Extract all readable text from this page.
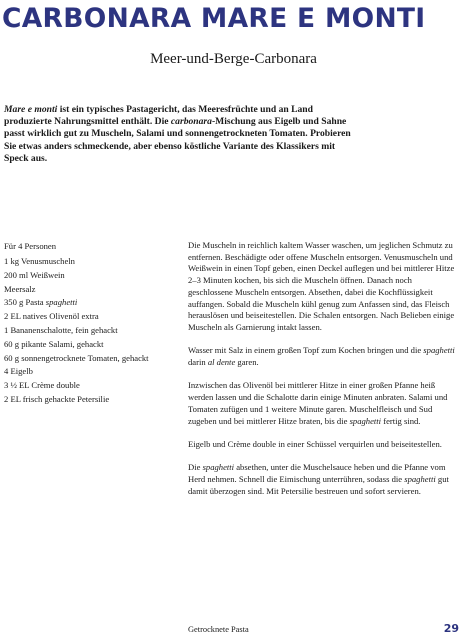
CARBONARA MARE E MONTI
Meer-und-Berge-Carbonara
Mare e monti ist ein typisches Pastagericht, das Meeresfrüchte und an Land produzierte Nahrungsmittel enthält. Die carbonara-Mischung aus Eigelb und Sahne passt wirklich gut zu Muscheln, Salami und sonnengetrockneten Tomaten. Probieren Sie etwas anders schmeckende, aber ebenso köstliche Variante des Klassikers mit Speck aus.
Für 4 Personen
1 kg Venusmuscheln
200 ml Weißwein
Meersalz
350 g Pasta spaghetti
2 EL natives Olivenöl extra
1 Bananenschalotte, fein gehackt
60 g pikante Salami, gehackt
60 g sonnengetrocknete Tomaten, gehackt
4 Eigelb
3 ½ EL Crème double
2 EL frisch gehackte Petersilie

Die Muscheln in reichlich kaltem Wasser waschen, um jeglichen Schmutz zu entfernen. Beschädigte oder offene Muscheln entsorgen. Venusmuscheln und Weißwein in einen Topf geben, einen Deckel auflegen und bei mittlerer Hitze 2–3 Minuten kochen, bis sich die Muscheln öffnen. Danach noch geschlossene Muscheln entsorgen. Absethen, dabei die Kochflüssigkeit auffangen. Sobald die Muscheln kühl genug zum Anfassen sind, das Fleisch herauslösen und beiseitestellen. Die Schalen entsorgen. Nach Belieben einige Muscheln als Garnierung intakt lassen.

Wasser mit Salz in einem großen Topf zum Kochen bringen und die spaghetti darin al dente garen.

Inzwischen das Olivenöl bei mittlerer Hitze in einer großen Pfanne heiß werden lassen und die Schalotte darin einige Minuten anbraten. Salami und Tomaten zufügen und 1 weitere Minute garen. Muschelfleisch und Sud zugeben und bei mittlerer Hitze braten, bis die spaghetti fertig sind.

Eigelb und Crème double in einer Schüssel verquirlen und beiseitestellen.

Die spaghetti absethen, unter die Muschelsauce heben und die Pfanne vom Herd nehmen. Schnell die Eimischung unterrühren, sodass die spaghetti gut damit überzogen sind. Mit Petersilie bestreuen und sofort servieren.

Getrocknete Pasta	29
